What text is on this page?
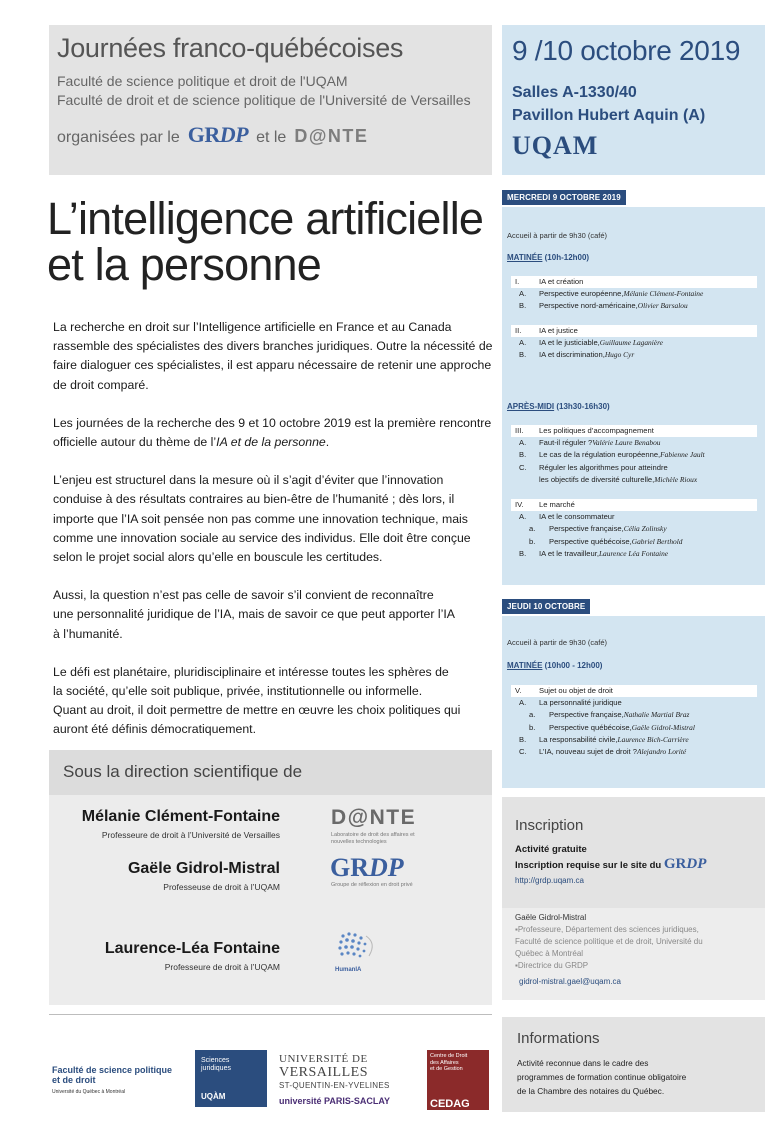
Journées franco-québécoises
Faculté de science politique et droit de l'UQAM
Faculté de droit et de science politique de l'Université de Versailles
organisées par le GRDP et le D@NTE
9 /10 octobre 2019
Salles A-1330/40
Pavillon Hubert Aquin (A)
UQAM
L’intelligence artificielle
et la personne

La recherche en droit sur l’Intelligence artificielle en France et au Canada
rassemble des spécialistes des divers branches juridiques. Outre la nécessité de
faire dialoguer ces spécialistes, il est apparu nécessaire de retenir une approche
de droit comparé.

Les journées de la recherche des 9 et 10 octobre 2019 est la première rencontre
officielle autour du thème de l’IA et de la personne.

L’enjeu est structurel dans la mesure où il s’agit d’éviter que l’innovation
conduise à des résultats contraires au bien-être de l’humanité ; dès lors, il
importe que l’IA soit pensée non pas comme une innovation technique, mais
comme une innovation sociale au service des individus. Elle doit être conçue
selon le projet social alors qu’elle en bouscule les certitudes.

Aussi, la question n’est pas celle de savoir s’il convient de reconnaître
une personnalité juridique de l’IA, mais de savoir ce que peut apporter l’IA
à l’humanité.

Le défi est planétaire, pluridisciplinaire et intéresse toutes les sphères de
la société, qu’elle soit publique, privée, institutionnelle ou informelle.
Quant au droit, il doit permettre de mettre en œuvre les choix politiques qui
auront été définis démocratiquement.

Sous la direction scientifique de
Mélanie Clément-Fontaine
Professeure de droit à l’Université de Versailles
D@NTE
Laboratoire de droit des affaires et nouvelles technologies
Gaële Gidrol-Mistral
Professeuse de droit à l’UQAM
GRDP
Groupe de réflexion en droit privé
Laurence-Léa Fontaine
Professeure de droit à l’UQAM	HumanIA
Faculté de science politique
et de droit
Université du Québec à Montréal
Sciences
juridiques
UQÀM
UNIVERSITÉ DE
VERSAILLES
ST-QUENTIN-EN-YVELINES
université PARIS-SACLAY
Centre de Droit
des Affaires
et de Gestion
CEDAG
MERCREDI 9 OCTOBRE 2019
Accueil à partir de 9h30 (café)
MATINÉE (10h-12h00)
I.	IA et création
A.	Perspective européenne, Mélanie Clément-Fontaine
B.	Perspective nord-américaine, Olivier Barsalou
II.	IA et justice
A.	IA et le justiciable, Guillaume Laganière
B.	IA et discrimination, Hugo Cyr
APRÈS-MIDI (13h30-16h30)
III.	Les politiques d’accompagnement
A.	Faut-il réguler ? Valérie Laure Benabou
B.	Le cas de la régulation européenne, Fabienne Jault
C.	Réguler les algorithmes pour atteindre
les objectifs de diversité culturelle, Michèle Rioux
IV.	Le marché
A.	IA et le consommateur
a.	Perspective française, Célia Zolinsky
b.	Perspective québécoise, Gabriel Berthold
B.	IA et le travailleur, Laurence Léa Fontaine
JEUDI 10 OCTOBRE
Accueil à partir de 9h30 (café)
MATINÉE (10h00 - 12h00)
V.	Sujet ou objet de droit
A.	La personnalité juridique
a.	Perspective française, Nathalie Martial Braz
b.	Perspective québécoise, Gaële Gidrol-Mistral
B.	La responsabilité civile, Laurence Bich-Carrière
C.	L’IA, nouveau sujet de droit ? Alejandro Lorité
Inscription
Activité gratuite
Inscription requise sur le site du GRDP
http://grdp.uqam.ca
Gaële Gidrol-Mistral
▪Professeure, Département des sciences juridiques,
Faculté de science politique et de droit, Université du
Québec à Montréal
▪Directrice du GRDP
gidrol-mistral.gael@uqam.ca
Informations

Activité reconnue dans le cadre des
programmes de formation continue obligatoire
de la Chambre des notaires du Québec.
